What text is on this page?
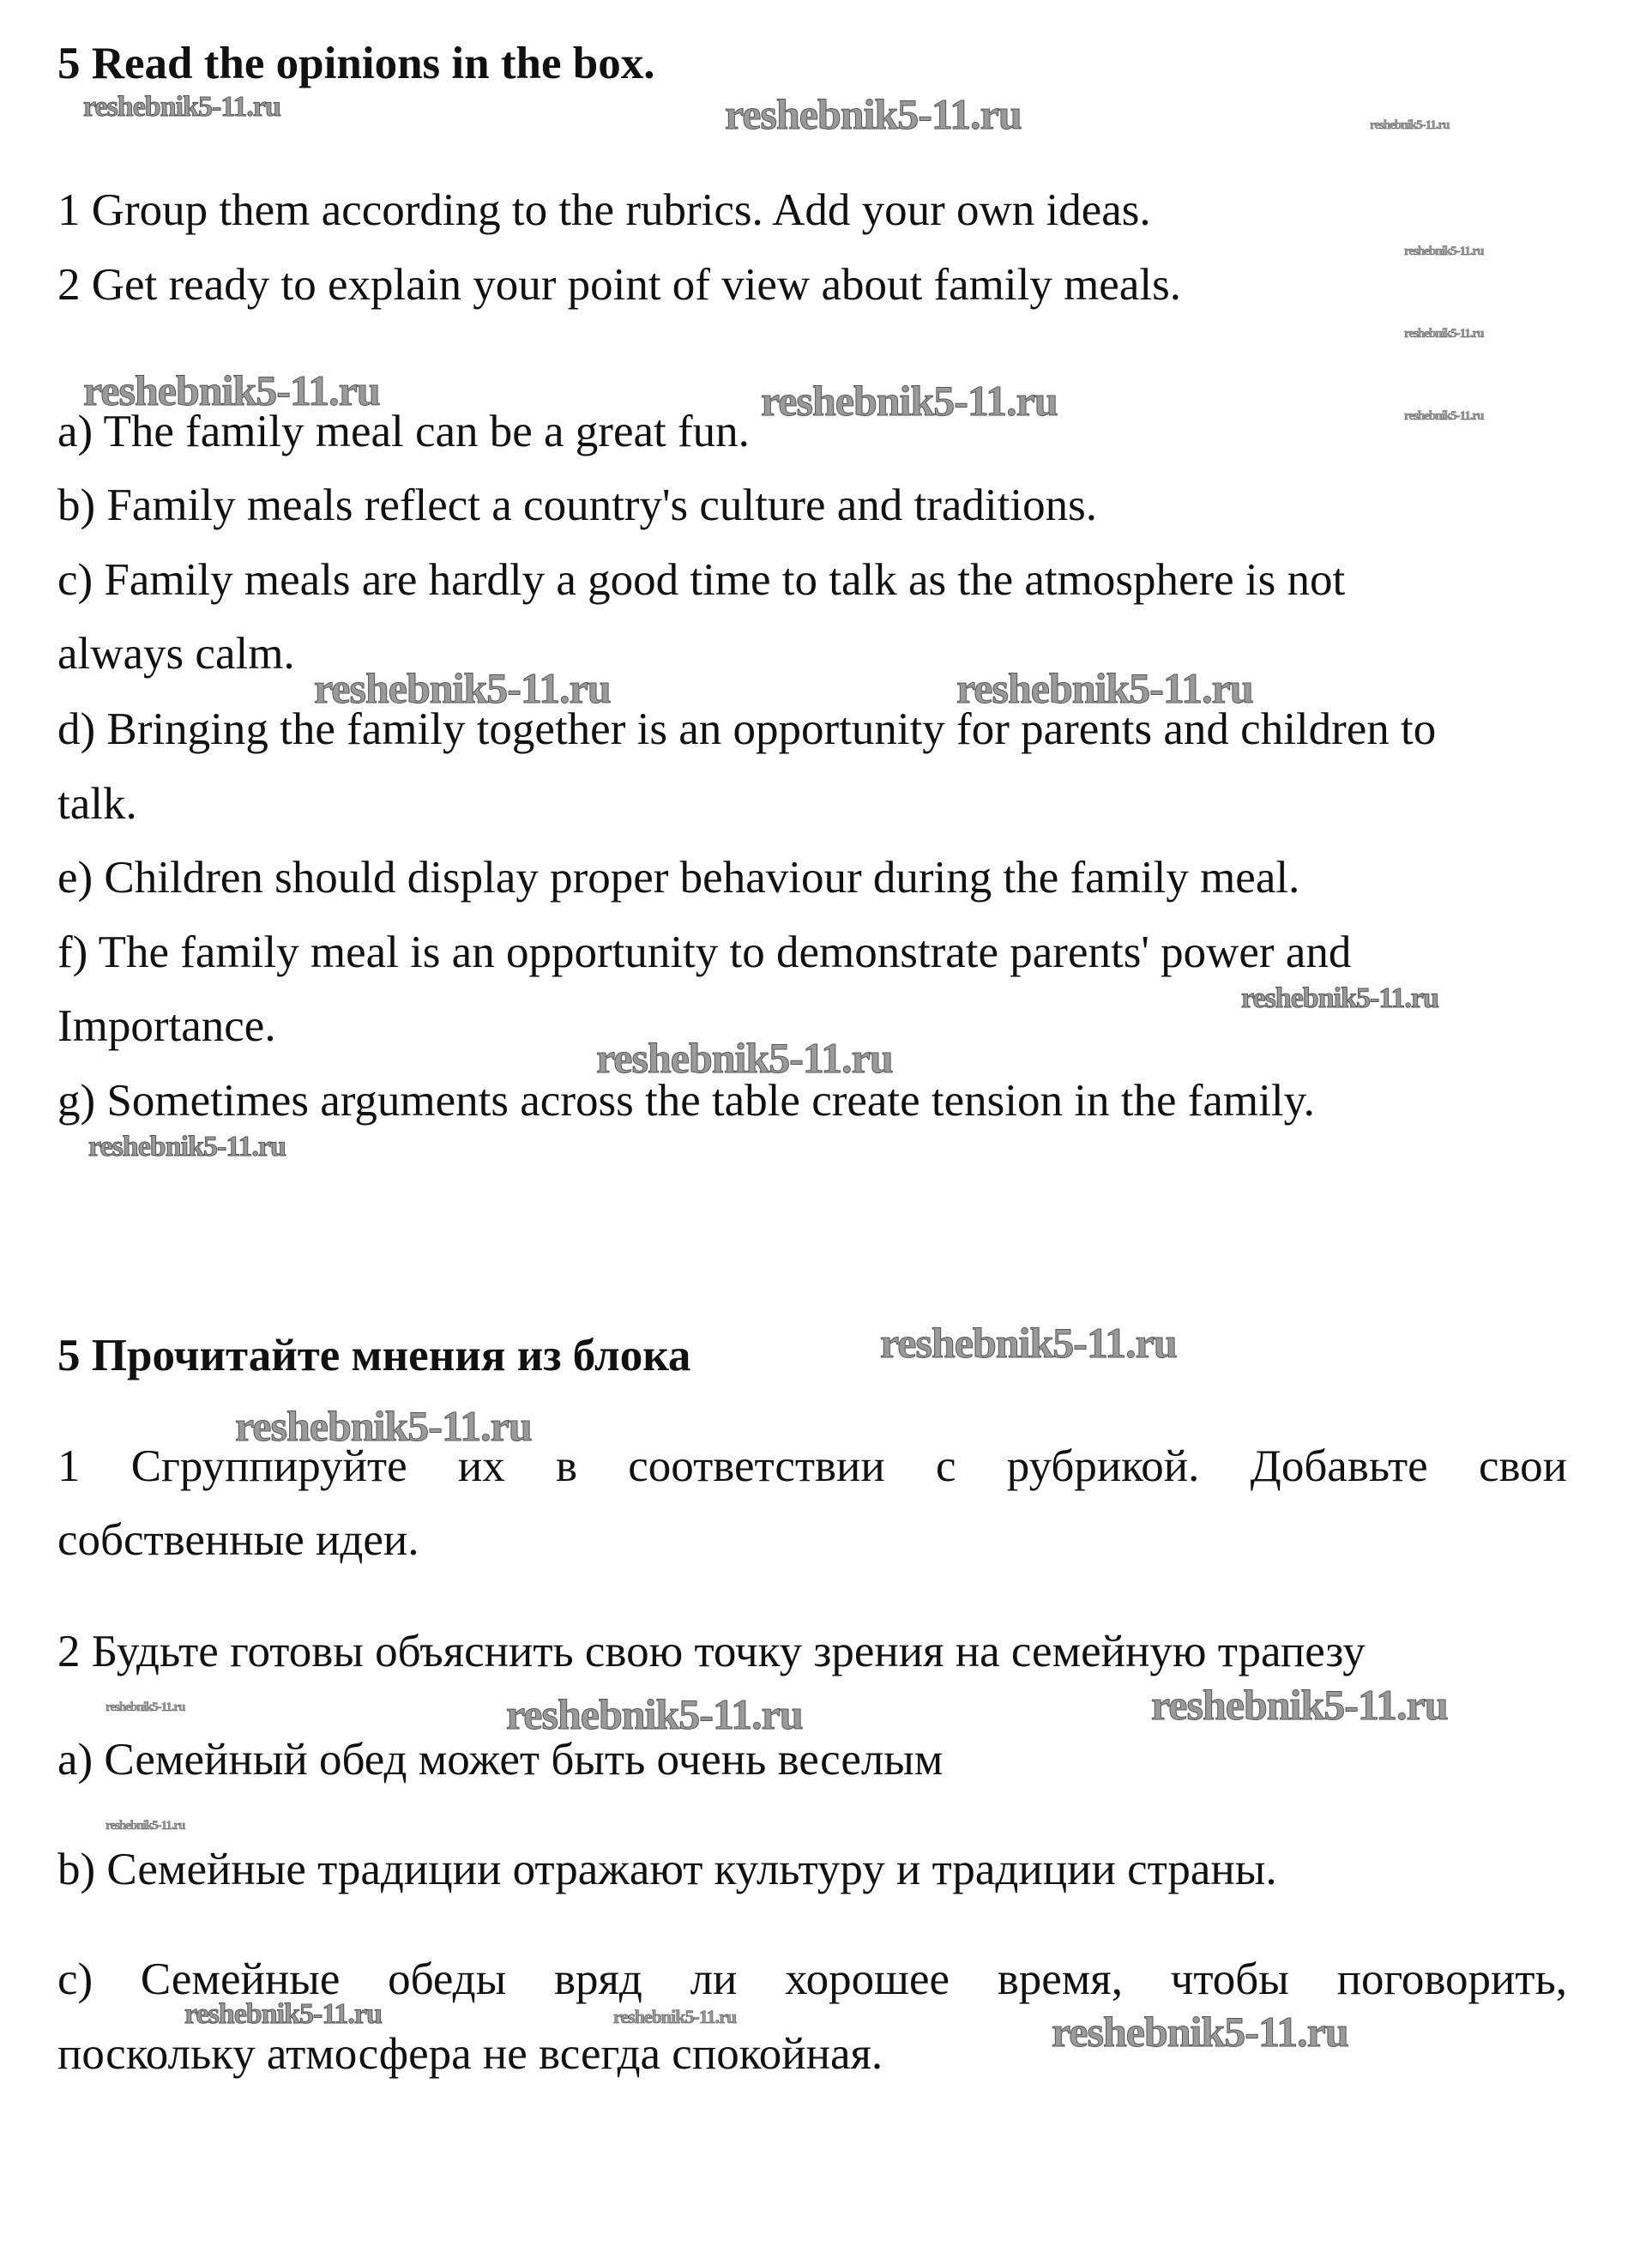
5 Read the opinions in the box.
1 Group them according to the rubrics. Add your own ideas.
2 Get ready to explain your point of view about family meals.
a) The family meal can be a great fun.
b) Family meals reflect a country's culture and traditions.
c) Family meals are hardly a good time to talk as the atmosphere is not
always calm.
d) Bringing the family together is an opportunity for parents and children to
talk.
e) Children should display proper behaviour during the family meal.
f) The family meal is an opportunity to demonstrate parents' power and
Importance.
g) Sometimes arguments across the table create tension in the family.
5 Прочитайте мнения из блока
1 Сгруппируйте их в соответствии с рубрикой. Добавьте свои
собственные идеи.
2 Будьте готовы объяснить свою точку зрения на семейную трапезу
a) Семейный обед может быть очень веселым
b) Семейные традиции отражают культуру и традиции страны.
c) Семейные обеды вряд ли хорошее время, чтобы поговорить,
поскольку атмосфера не всегда спокойная.
reshebnik5-11.ru	reshebnik5-11.ru	reshebnik5-11.ru
reshebnik5-11.ru
reshebnik5-11.ru
reshebnik5-11.ru	reshebnik5-11.ru	reshebnik5-11.ru
reshebnik5-11.ru	reshebnik5-11.ru
reshebnik5-11.ru
reshebnik5-11.ru
reshebnik5-11.ru
reshebnik5-11.ru
reshebnik5-11.ru
reshebnik5-11.ru	reshebnik5-11.ru	reshebnik5-11.ru
reshebnik5-11.ru
reshebnik5-11.ru	reshebnik5-11.ru	reshebnik5-11.ru
